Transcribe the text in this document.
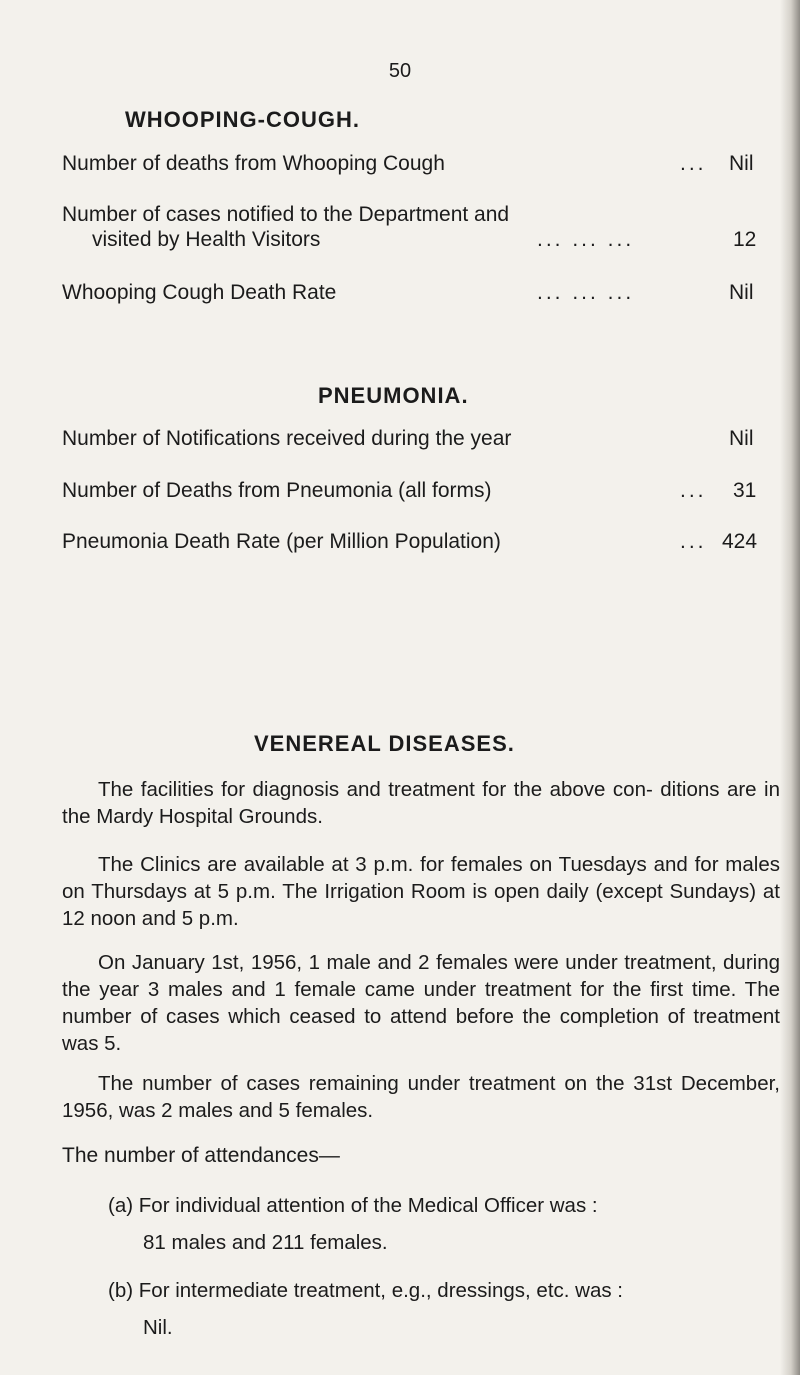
50
WHOOPING-COUGH.
Number of deaths from Whooping Cough	... Nil
Number of cases notified to the Department and
visited by Health Visitors	... ... ...	12
Whooping Cough Death Rate	... ... ...	Nil
PNEUMONIA.
Number of Notifications received during the year	Nil
Number of Deaths from Pneumonia (all forms)	... 31
Pneumonia Death Rate (per Million Population)	... 424
VENEREAL DISEASES.
The facilities for diagnosis and treatment for the above con- ditions are in the Mardy Hospital Grounds.
The Clinics are available at 3 p.m. for females on Tuesdays and for males on Thursdays at 5 p.m. The Irrigation Room is open daily (except Sundays) at 12 noon and 5 p.m.
On January 1st, 1956, 1 male and 2 females were under treatment, during the year 3 males and 1 female came under treatment for the first time. The number of cases which ceased to attend before the completion of treatment was 5.
The number of cases remaining under treatment on the 31st December, 1956, was 2 males and 5 females.
The number of attendances—
(a) For individual attention of the Medical Officer was :
81 males and 211 females.
(b) For intermediate treatment, e.g., dressings, etc. was :
Nil.
